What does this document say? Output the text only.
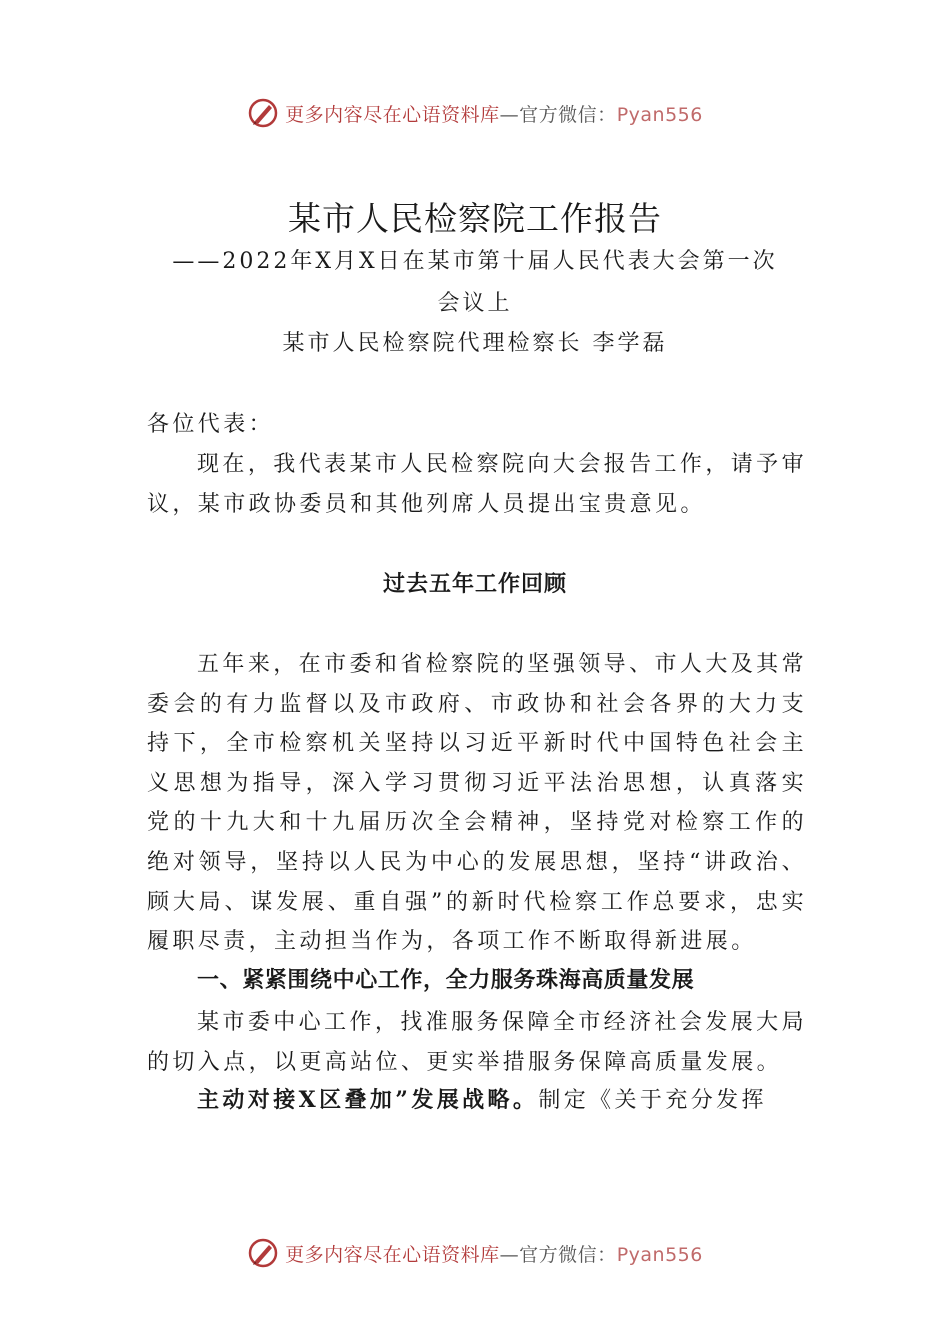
更多内容尽在心语资料库—官方微信：Pyan556
某市人民检察院工作报告
——2022年X月X日在某市第十届人民代表大会第一次
会议上
某市人民检察院代理检察长 李学磊
各位代表：
现在，我代表某市人民检察院向大会报告工作，请予审议，某市政协委员和其他列席人员提出宝贵意见。
过去五年工作回顾
五年来，在市委和省检察院的坚强领导、市人大及其常委会的有力监督以及市政府、市政协和社会各界的大力支持下，全市检察机关坚持以习近平新时代中国特色社会主义思想为指导，深入学习贯彻习近平法治思想，认真落实党的十九大和十九届历次全会精神，坚持党对检察工作的绝对领导，坚持以人民为中心的发展思想，坚持“讲政治、顾大局、谋发展、重自强”的新时代检察工作总要求，忠实履职尽责，主动担当作为，各项工作不断取得新进展。
一、紧紧围绕中心工作，全力服务珠海高质量发展
某市委中心工作，找准服务保障全市经济社会发展大局的切入点，以更高站位、更实举措服务保障高质量发展。
主动对接X区叠加”发展战略。制定《关于充分发挥
更多内容尽在心语资料库—官方微信：Pyan556
